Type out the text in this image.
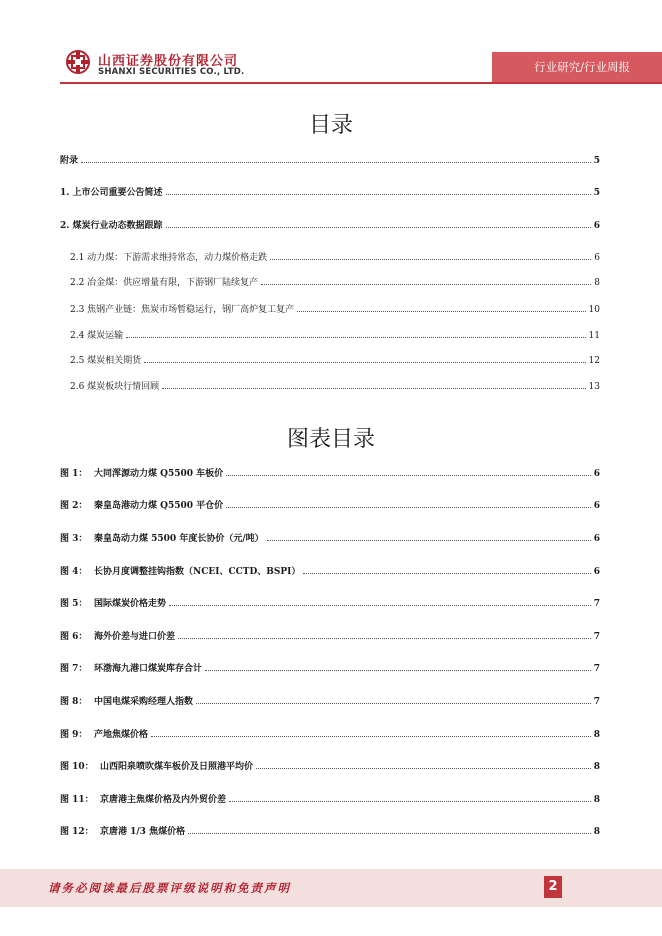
山西证券股份有限公司
SHANXI SECURITIES CO., LTD.	行业研究/行业周报
目录
附录	5
1. 上市公司重要公告简述	5
2. 煤炭行业动态数据跟踪	6
2.1 动力煤：下游需求维持常态，动力煤价格走跌	6
2.2 冶金煤：供应增量有限，下游钢厂陆续复产	8
2.3 焦钢产业链：焦炭市场暂稳运行，钢厂高炉复工复产	10
2.4 煤炭运输	11
2.5 煤炭相关期货	12
2.6 煤炭板块行情回顾	13
图表目录
图 1： 大同浑源动力煤 Q5500 车板价	6
图 2： 秦皇岛港动力煤 Q5500 平仓价	6
图 3： 秦皇岛动力煤 5500 年度长协价（元/吨）	6
图 4： 长协月度调整挂钩指数（NCEI、CCTD、BSPI）	6
图 5： 国际煤炭价格走势	7
图 6： 海外价差与进口价差	7
图 7： 环渤海九港口煤炭库存合计	7
图 8： 中国电煤采购经理人指数	7
图 9： 产地焦煤价格	8
图 10： 山西阳泉喷吹煤车板价及日照港平均价	8
图 11： 京唐港主焦煤价格及内外贸价差	8
图 12： 京唐港 1/3 焦煤价格	8
请务必阅读最后股票评级说明和免责声明	2
